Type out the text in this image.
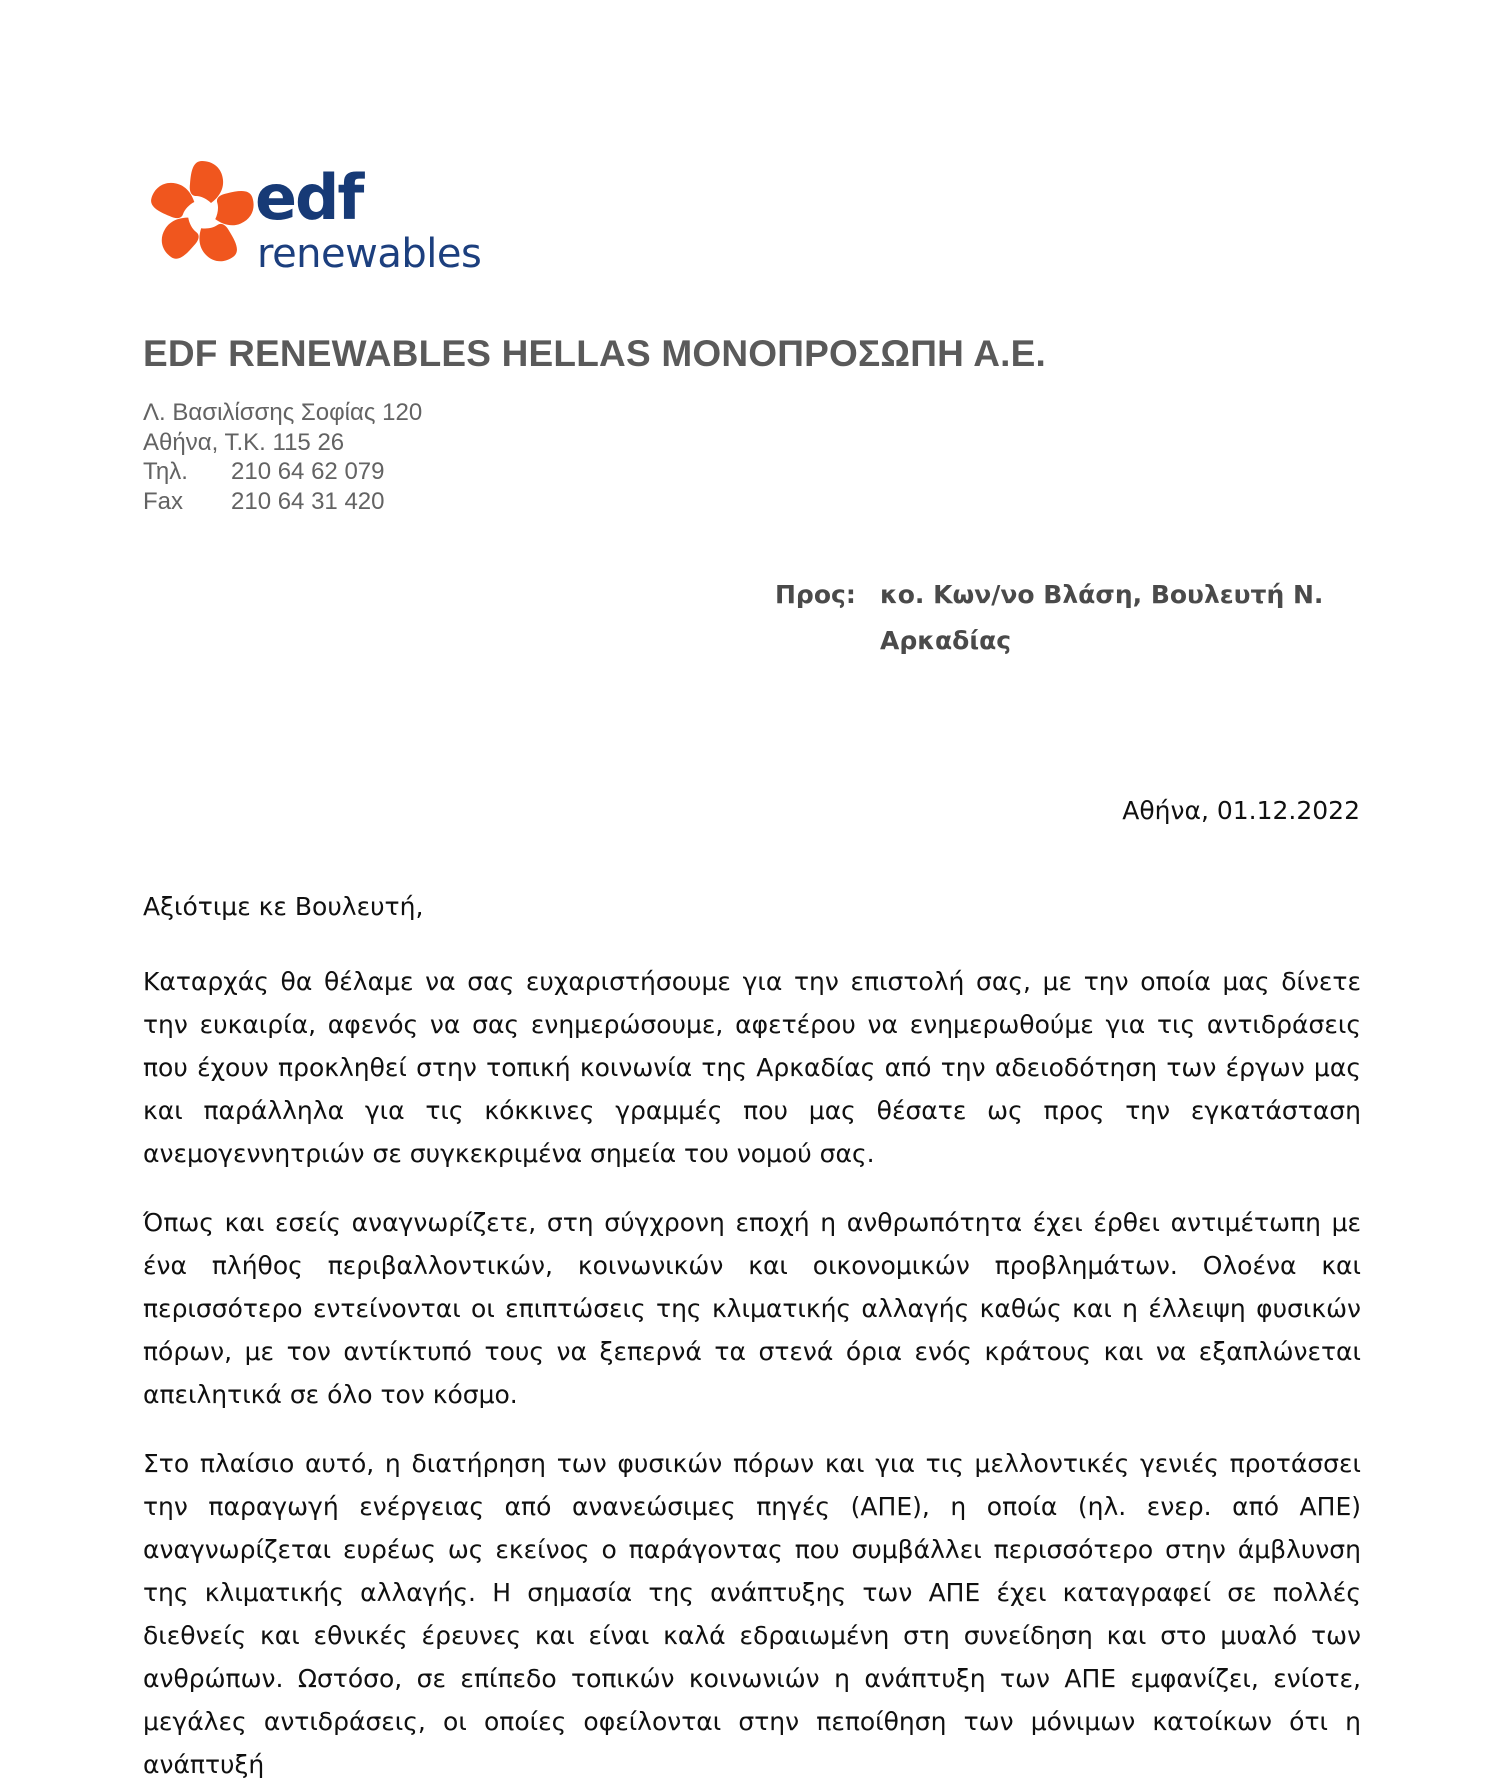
edf
renewables
EDF RENEWABLES HELLAS ΜΟΝΟΠΡΟΣΩΠΗ Α.Ε.
Λ. Βασιλίσσης Σοφίας 120
Αθήνα, Τ.Κ. 115 26
Τηλ.	210 64 62 079
Fax	210 64 31 420
Προς: κο. Κων/νο Βλάση, Βουλευτή Ν. Αρκαδίας
Αθήνα, 01.12.2022

Αξιότιμε κε Βουλευτή,

Καταρχάς θα θέλαμε να σας ευχαριστήσουμε για την επιστολή σας, με την οποία μας δίνετε την ευκαιρία, αφενός να σας ενημερώσουμε, αφετέρου να ενημερωθούμε για τις αντιδράσεις που έχουν προκληθεί στην τοπική κοινωνία της Αρκαδίας από την αδειοδότηση των έργων μας και παράλληλα για τις κόκκινες γραμμές που μας θέσατε ως προς την εγκατάσταση ανεμογεννητριών σε συγκεκριμένα σημεία του νομού σας.

Όπως και εσείς αναγνωρίζετε, στη σύγχρονη εποχή η ανθρωπότητα έχει έρθει αντιμέτωπη με ένα πλήθος περιβαλλοντικών, κοινωνικών και οικονομικών προβλημάτων. Ολοένα και περισσότερο εντείνονται οι επιπτώσεις της κλιματικής αλλαγής καθώς και η έλλειψη φυσικών πόρων, με τον αντίκτυπό τους να ξεπερνά τα στενά όρια ενός κράτους και να εξαπλώνεται απειλητικά σε όλο τον κόσμο.

Στο πλαίσιο αυτό, η διατήρηση των φυσικών πόρων και για τις μελλοντικές γενιές προτάσσει την παραγωγή ενέργειας από ανανεώσιμες πηγές (ΑΠΕ), η οποία (ηλ. ενερ. από ΑΠΕ) αναγνωρίζεται ευρέως ως εκείνος ο παράγοντας που συμβάλλει περισσότερο στην άμβλυνση της κλιματικής αλλαγής. Η σημασία της ανάπτυξης των ΑΠΕ έχει καταγραφεί σε πολλές διεθνείς και εθνικές έρευνες και είναι καλά εδραιωμένη στη συνείδηση και στο μυαλό των ανθρώπων. Ωστόσο, σε επίπεδο τοπικών κοινωνιών η ανάπτυξη των ΑΠΕ εμφανίζει, ενίοτε, μεγάλες αντιδράσεις, οι οποίες οφείλονται στην πεποίθηση των μόνιμων κατοίκων ότι η ανάπτυξή
